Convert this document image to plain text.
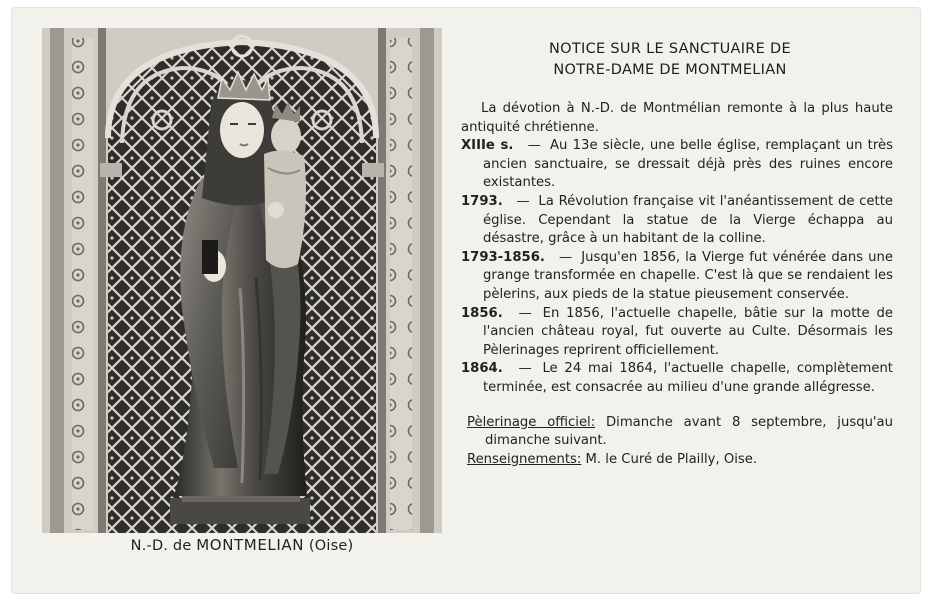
N.-D. de MONTMELIAN (Oise)
NOTICE SUR LE SANCTUAIRE DE
NOTRE-DAME DE MONTMELIAN

La dévotion à N.-D. de Montmélian remonte à la plus haute antiquité chrétienne.

XIIIe s. — Au 13e siècle, une belle église, remplaçant un très ancien sanctuaire, se dressait déjà près des ruines encore existantes.
1793. — La Révolution française vit l'anéantissement de cette église. Cependant la statue de la Vierge échappa au désastre, grâce à un habitant de la colline.
1793-1856. — Jusqu'en 1856, la Vierge fut vénérée dans une grange transformée en chapelle. C'est là que se rendaient les pèlerins, aux pieds de la statue pieusement conservée.
1856. — En 1856, l'actuelle chapelle, bâtie sur la motte de l'ancien château royal, fut ouverte au Culte. Désormais les Pèlerinages reprirent officiellement.
1864. — Le 24 mai 1864, l'actuelle chapelle, complètement terminée, est consacrée au milieu d'une grande allégresse.

Pèlerinage officiel: Dimanche avant 8 septembre, jusqu'au dimanche suivant.

Renseignements: M. le Curé de Plailly, Oise.
